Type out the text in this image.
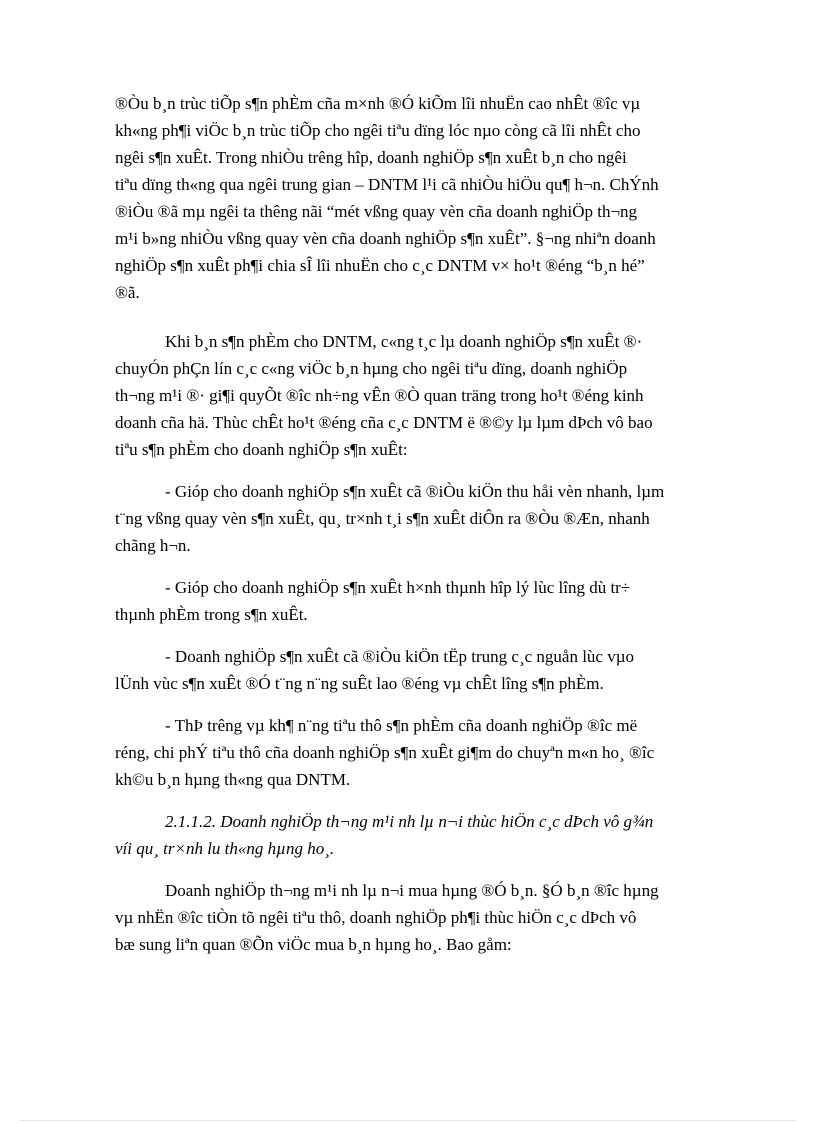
®Òu b¸n trùc tiÕp s¶n phÈm cña m×nh ®Ó kiÕm lîi nhuËn cao nhÊt ®îc vµ
kh«ng ph¶i viÖc b¸n trùc tiÕp cho ngêi tiªu dïng lóc nµo còng cã lîi nhÊt cho
ngêi s¶n xuÊt. Trong nhiÒu trêng hîp, doanh nghiÖp s¶n xuÊt b¸n cho ngêi
tiªu dïng th«ng qua ngêi trung gian – DNTM l¹i cã nhiÒu hiÖu qu¶ h¬n. ChÝnh
®iÒu ®ã mµ ngêi ta thêng nãi “mét vßng quay vèn cña doanh nghiÖp th¬ng
m¹i b»ng nhiÒu vßng quay vèn cña doanh nghiÖp s¶n xuÊt”. §¬ng nhiªn doanh
nghiÖp s¶n xuÊt ph¶i chia sÎ lîi nhuËn cho c¸c DNTM v× ho¹t ®éng “b¸n hé”
®ã.

Khi b¸n s¶n phÈm cho DNTM, c«ng t¸c lµ doanh nghiÖp s¶n xuÊt ®·
chuyÓn phÇn lín c¸c c«ng viÖc b¸n hµng cho ngêi tiªu dïng, doanh nghiÖp
th¬ng m¹i ®· gi¶i quyÕt ®îc nh÷ng vÊn ®Ò quan träng trong ho¹t ®éng kinh
doanh cña hä. Thùc chÊt ho¹t ®éng cña c¸c DNTM ë ®©y lµ lµm dÞch vô bao
tiªu s¶n phÈm cho doanh nghiÖp s¶n xuÊt:

- Gióp cho doanh nghiÖp s¶n xuÊt cã ®iÒu kiÖn thu håi vèn nhanh, lµm
t¨ng vßng quay vèn s¶n xuÊt, qu¸ tr×nh t¸i s¶n xuÊt diÔn ra ®Òu ®Æn, nhanh
chãng h¬n.

- Gióp cho doanh nghiÖp s¶n xuÊt h×nh thµnh hîp lý lùc lîng dù tr÷
thµnh phÈm trong s¶n xuÊt.

- Doanh nghiÖp s¶n xuÊt cã ®iÒu kiÖn tËp trung c¸c nguån lùc vµo
lÜnh vùc s¶n xuÊt ®Ó t¨ng n¨ng suÊt lao ®éng vµ chÊt lîng s¶n phÈm.

- ThÞ trêng vµ kh¶ n¨ng tiªu thô s¶n phÈm cña doanh nghiÖp ®îc më
réng, chi phÝ tiªu thô cña doanh nghiÖp s¶n xuÊt gi¶m do chuyªn m«n ho¸ ®îc
kh©u b¸n hµng th«ng qua DNTM.

2.1.1.2. Doanh nghiÖp th¬ng m¹i nh lµ n¬i thùc hiÖn c¸c dÞch vô g¾n
víi qu¸ tr×nh lu th«ng hµng ho¸.

Doanh nghiÖp th¬ng m¹i nh lµ n¬i mua hµng ®Ó b¸n. §Ó b¸n ®îc hµng
vµ nhËn ®îc tiÒn tõ ngêi tiªu thô, doanh nghiÖp ph¶i thùc hiÖn c¸c dÞch vô
bæ sung liªn quan ®Õn viÖc mua b¸n hµng ho¸. Bao gåm:
